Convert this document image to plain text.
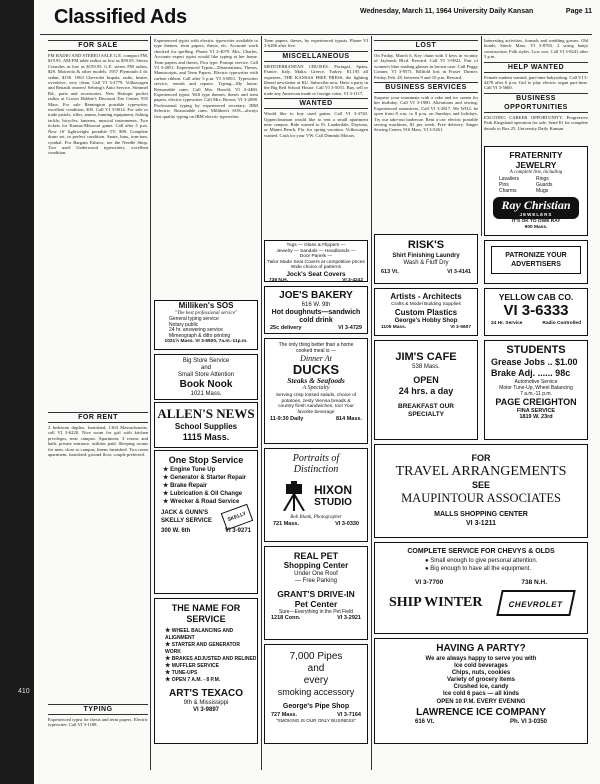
410
Classified Ads	Wednesday, March 11, 1964 University Daily Kansan	Page 11
FOR SALE

FM RADIO AND STEREO SALE G.E. compact FM, $19.95. AM-FM table radios as low as $39.95. Stereo Consoles as low as $159.95. G.E. stereo FM radios, $29. Motorola & other models. 1957 Plymouth 4 dr. sedan, $150. 1963 Chevrolet Impala, radio, heater, overdrive, very clean. Call VI 3-2779. Volkswagen and Renault owners! Sebring's Auto Service, Stimmel Rd., parts and accessories. New Hottopit pocket radios at Crown Hobbie's Discount Tire Center, 935 Mass. For sale Remington portable typewriter, excellent condition, $35. Call VI 3-9014. For sale or trade pistols, rifles, ammo, hunting equipment, fishing tackle, bicycles, lanterns, musical instruments. Two tickets for Kansas-Missouri game. Call after 5 p.m. New 16' lightweight portable TV, $99. Complete drum set, in perfect condition. Snare, bass, tom-tom, cymbal. For Bargain Fabrics, see the Needle Shop. Two used Underwood typewriters, excellent condition.

FOR RENT

2 bedroom duplex, furnished, 1304 Massachusetts, call VI 3-6220. Nice room for girl with kitchen privileges, near campus. Apartment, 3 rooms and bath, private entrance, utilities paid. Sleeping rooms for men, close to campus, linens furnished. Two room apartment, furnished, ground floor, couple preferred.

TYPING

Experienced typist for thesis and term papers. Electric typewriter. Call VI 3-1188.

Experienced typist with electric typewriter available to type themes, term papers, thesis, etc. Accurate work checked for spelling. Phone VI 2-4079. Mrs. Charles. Accurate expert typist would like typing at her home. Term papers and theses, Pica type. Prompt service. Call VI 3-2851. Experienced Typist—Dissertations, Theses, Manuscripts, and Term Papers. Electric typewriter with carbon ribbon. Call after 5 p.m. VI 3-8811. Typewriter service, rentals and repairs. Typing—My home. Reasonable rates. Call Mrs. Harold, VI 3-4460. Experienced typist. Will type themes, theses and term papers, electric typewriter. Call Mrs. Brown, VI 3-2098. Professional typing by experienced secretary. IBM Selectric. Reasonable rates. Milliken's SOS—always first quality typing on IBM electric typewriter.

Term papers, theses, by experienced typists. Phone VI 3-6286 after five.

MISCELLANEOUS

MEDITERRANEAN CRUISES. Portugal, Spain, France, Italy, Malta, Greece, Turkey. $1,195 all expenses. THE KANSAS FREE PRESS, the fighting liberal newsletter at KU. Subscribe now. Have a party in the Big Red School House. Call VI 3-5031. Buy, sell or trade any American made or foreign coins. VI 3-1117.

WANTED

Would like to buy used guitar. Call VI 3-4720. Upperclassman would like to rent a small apartment near campus. Ride wanted to Ft. Lauderdale, Daytona, or Miami Beach, Fla. for spring vacation. Volkswagen wanted. Cash for your VW. Call Dimmitt Motors.

LOST

On Friday, March 6, Key chain with 3 keys in vicinity of Jayhawk Blvd. Reward. Call VI 3-9922. Pair of women's blue reading glasses in brown case. Call Peggy Conner, VI 3-9571. Billfold lost in Fraser Theater. Friday, Feb. 28, between 9 and 10 p.m. Reward.

BUSINESS SERVICES

Surprise your roommate with a cake and ice cream for her birthday. Call VI 3-1980. Alterations and sewing. Experienced seamstress. Call VI 3-2817. We WILL be open from 8 a.m. to 8 p.m. on Sundays and holidays. Try our take-out barbecue. Rent a car: electric portable sewing machines, $1 per week. Free delivery. Singer Sewing Center, 916 Mass. VI 3-5261.

Interesting activities, formals and wedding gowns. Old bonds, Stieck Mass. VI 3-8765. 2 string banjo construction. Folk styles. Low cost. Call VI 3-8241 after 5 p.m.

HELP WANTED

Female student wanted, part-time babysitting. Call VI 3-4478 after 6 p.m. Girl to play electric organ part-time. Call VI 3-5660.

BUSINESS OPPORTUNITIES

EXCITING CAREER OPPORTUNITY. Progressive Park Kingsland operation for sale. Send $1 for complete details to Box 25, University Daily Kansan.

Milliken's SOS
"The best professional service"
General typing service
Notary public
24 hr. answering service
Mimeograph & ditto printing
1021½ Mass. VI 3-5920, 7a.m.-11p.m.
Big Store Service
and
Small Store Attention
Book Nook
1021 Mass.
ALLEN'S NEWS
School Supplies
1115 Mass.
One Stop Service
★ Engine Tune Up
★ Generator & Starter Repair
★ Brake Repair
★ Lubrication & Oil Change
★ Wrecker & Road Service
JACK & GUNN'S SKELLY SERVICE	SKELLY
300 W. 6th	VI 3-9271
THE NAME FOR SERVICE
★ WHEEL BALANCING AND ALIGNMENT
★ STARTER AND GENERATOR WORK
★ BRAKES ADJUSTED AND RELINED
★ MUFFLER SERVICE
★ TUNE-UPS
★ OPEN 7 A.M. - 8 P.M.
ART'S TEXACO
9th & Mississippi
VI 3-9897
Togs — Glass & Flippers —
Jewelry — Sandals — Headbands —
Door Panels —
Tailor Made Seat Covers at competitive prices
Wide choice of patterns
Jock's Seat Covers
738 N.H.	VI 3-4242
JOE'S BAKERY
616 W. 9th
Hot doughnuts—sandwich
cold drink
25c delivery	VI 3-4729
The only thing better than a home cooked meal is —
Dinner At
DUCKS
Steaks & Seafoods
A Specialty
Serving crisp tossed salads, choice of potatoes, zesty Vienna breads & country fresh sandwiches, too! Your favorite beverage
11-9:30 Daily	814 Mass.
Portraits of
Distinction
HIXON
STUDIO
Bob Blank, Photographer
721 Mass.	VI 3-0330
REAL PET
Shopping Center
Under One Roof
— Free Parking
GRANT'S DRIVE-IN
Pet Center
Sure—Everything in the Pet Field
1218 Conn.	VI 3-2921
7,000 Pipes
and
every
smoking accessory
George's Pipe Shop
727 Mass.	VI 3-7164
"SMOKING IS OUR ONLY BUSINESS"
FRATERNITY
JEWELRY
A complete line, including
Lavaliers	Rings
Pins	Guards
Charms	Mugs
Ray Christian
JEWELERS
IT'S OK TO OWE RAY
900 Mass.
RISK'S
Shirt Finishing Laundry
Wash & Fluff Dry
613 Vt.	VI 3-4141
PATRONIZE YOUR
ADVERTISERS
Artists - Architects
Crafts & Model Building Supplies
Custom Plastics
George's Hobby Shop
1105 Mass.	VI 3-5607
YELLOW CAB CO.
VI 3-6333
24 Hr. Service	Radio Controlled
JIM'S CAFE
538 Mass.
OPEN
24 hrs. a day
BREAKFAST OUR
SPECIALTY
STUDENTS
Grease Jobs .. $1.00
Brake Adj. ...... 98c
Automotive Service
Motor Tune-Up, Wheel Balancing
7 a.m.-11 p.m.
PAGE CREIGHTON
FINA SERVICE
1819 W. 23rd
FOR
TRAVEL ARRANGEMENTS
SEE
MAUPINTOUR ASSOCIATES
MALLS SHOPPING CENTER
VI 3-1211
COMPLETE SERVICE FOR CHEVYS & OLDS
● Small enough to give personal attention.
● Big enough to have all the equipment.
VI 3-7700	738 N.H.
SHIP WINTER	CHEVROLET
HAVING A PARTY?
We are always happy to serve you with
Ice cold beverages
Chips, nuts, cookies
Variety of grocery items
Crushed ice, candy
Ice cold 6 pacs — all kinds
OPEN 10 P.M. EVERY EVENING
LAWRENCE ICE COMPANY
616 Vt.	Ph. VI 3-0350
